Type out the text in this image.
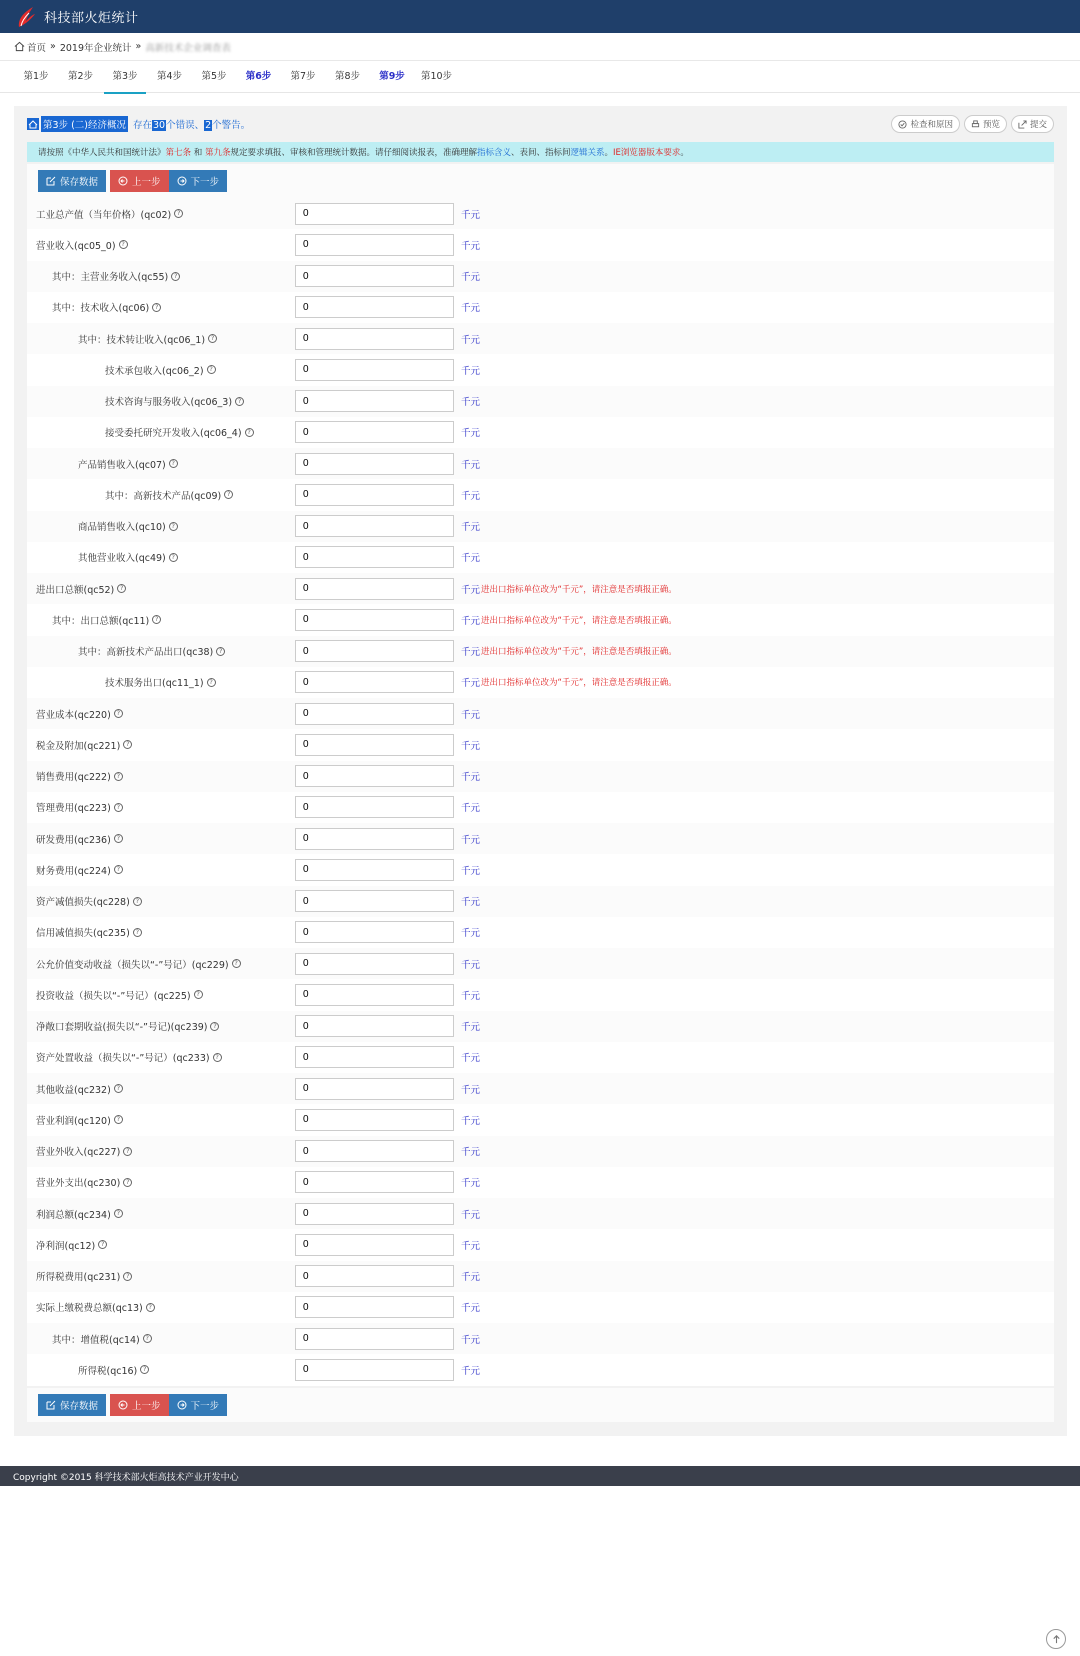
科技部火炬统计
首页 » 2019年企业统计 » 高新技术企业调查表
第1步	第2步	第3步	第4步	第5步	第6步	第7步	第8步	第9步	第10步
第3步 (二)经济概况 存在30个错误、2个警告。	检查和原因	预览	提交
请按照《中华人民共和国统计法》 第七条 和 第九条 规定要求填报、审核和管理统计数据。请仔细阅读报表，准确理解 指标含义 、表间、指标间 逻辑关系 。 IE浏览器版本要求 。
保存数据	上一步	下一步
工业总产值（当年价格）(qc02) ?
0	千元
营业收入(qc05_0) ?
0	千元
其中：主营业务收入(qc55) ?
0	千元
其中：技术收入(qc06) ?
0	千元
其中：技术转让收入(qc06_1) ?
0	千元
技术承包收入(qc06_2) ?
0	千元
技术咨询与服务收入(qc06_3) ?
0	千元
接受委托研究开发收入(qc06_4) ?
0	千元
产品销售收入(qc07) ?
0	千元
其中：高新技术产品(qc09) ?
0	千元
商品销售收入(qc10) ?
0	千元
其他营业收入(qc49) ?
0	千元
进出口总额(qc52) ?
0	千元 进出口指标单位改为“千元”，请注意是否填报正确。
其中：出口总额(qc11) ?
0	千元 进出口指标单位改为“千元”，请注意是否填报正确。
其中：高新技术产品出口(qc38) ?
0	千元 进出口指标单位改为“千元”，请注意是否填报正确。
技术服务出口(qc11_1) ?
0	千元 进出口指标单位改为“千元”，请注意是否填报正确。
营业成本(qc220) ?
0	千元
税金及附加(qc221) ?
0	千元
销售费用(qc222) ?
0	千元
管理费用(qc223) ?
0	千元
研发费用(qc236) ?
0	千元
财务费用(qc224) ?
0	千元
资产减值损失(qc228) ?
0	千元
信用减值损失(qc235) ?
0	千元
公允价值变动收益（损失以“-”号记）(qc229) ?
0	千元
投资收益（损失以“-”号记）(qc225) ?
0	千元
净敞口套期收益(损失以“-”号记)(qc239) ?
0	千元
资产处置收益（损失以“-”号记）(qc233) ?
0	千元
其他收益(qc232) ?
0	千元
营业利润(qc120) ?
0	千元
营业外收入(qc227) ?
0	千元
营业外支出(qc230) ?
0	千元
利润总额(qc234) ?
0	千元
净利润(qc12) ?
0	千元
所得税费用(qc231) ?
0	千元
实际上缴税费总额(qc13) ?
0	千元
其中：增值税(qc14) ?
0	千元
所得税(qc16) ?
0	千元
保存数据	上一步	下一步
Copyright ©2015 科学技术部火炬高技术产业开发中心
